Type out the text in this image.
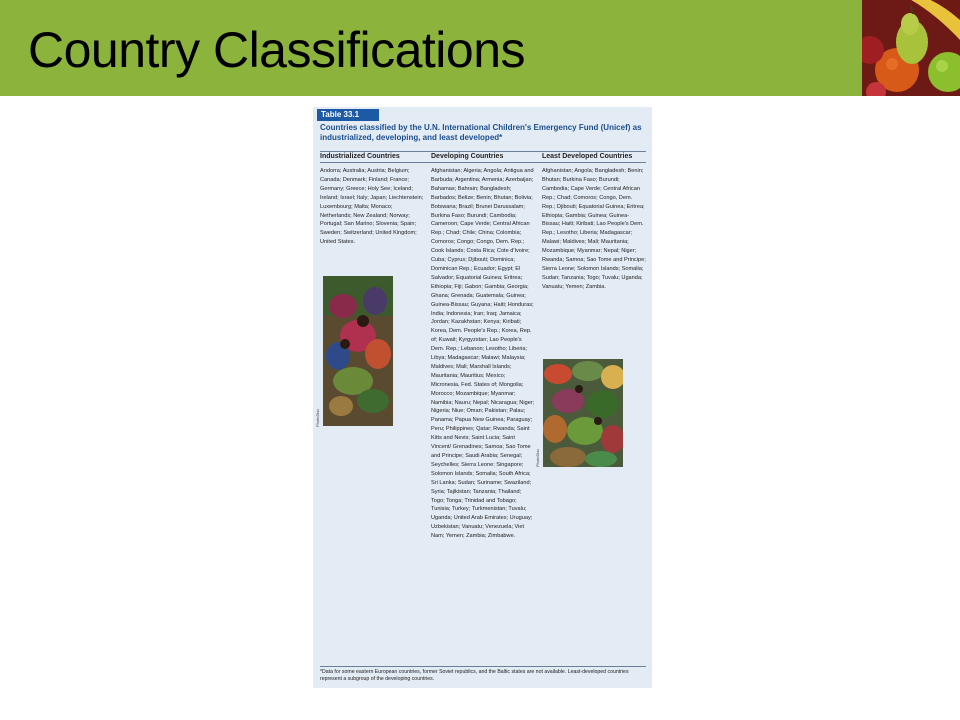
Country Classifications
Table 33.1
Countries classified by the U.N. International Children's Emergency Fund (Unicef) as industrialized, developing, and least developed*
Industrialized Countries	Developing Countries	Least Developed Countries
Andorra; Australia; Austria; Belgium; Canada; Denmark; Finland; France; Germany; Greece; Holy See; Iceland; Ireland; Israel; Italy; Japan; Liechtenstein; Luxembourg; Malta; Monaco; Netherlands; New Zealand; Norway; Portugal; San Marino; Slovenia; Spain; Sweden; Switzerland; United Kingdom; United States.
Afghanistan; Algeria; Angola; Antigua and Barbuda; Argentina; Armenia; Azerbaijan; Bahamas; Bahrain; Bangladesh; Barbados; Belize; Benin; Bhutan; Bolivia; Botswana; Brazil; Brunei Darussalam; Burkina Faso; Burundi; Cambodia; Cameroon; Cape Verde; Central African Rep.; Chad; Chile; China; Colombia; Comoros; Congo; Congo, Dem. Rep.; Cook Islands; Costa Rica; Cote d'Ivoire; Cuba; Cyprus; Djibouti; Dominica; Dominican Rep.; Ecuador; Egypt; El Salvador; Equatorial Guinea; Eritrea; Ethiopia; Fiji; Gabon; Gambia; Georgia; Ghana; Grenada; Guatemala; Guinea; Guinea-Bissau; Guyana; Haiti; Honduras; India; Indonesia; Iran; Iraq; Jamaica; Jordan; Kazakhstan; Kenya; Kiribati; Korea, Dem. People's Rep.; Korea, Rep. of; Kuwait; Kyrgyzstan; Lao People's Dem. Rep.; Lebanon; Lesotho; Liberia; Libya; Madagascar; Malawi; Malaysia; Maldives; Mali; Marshall Islands; Mauritania; Mauritius; Mexico; Micronesia, Fed. States of; Mongolia; Morocco; Mozambique; Myanmar; Namibia; Nauru; Nepal; Nicaragua; Niger; Nigeria; Niue; Oman; Pakistan; Palau; Panama; Papua New Guinea; Paraguay; Peru; Philippines; Qatar; Rwanda; Saint Kitts and Nevis; Saint Lucia; Saint Vincent/ Grenadines; Samoa; Sao Tome and Principe; Saudi Arabia; Senegal; Seychelles; Sierra Leone; Singapore; Solomon Islands; Somalia; South Africa; Sri Lanka; Sudan; Suriname; Swaziland; Syria; Tajikistan; Tanzania; Thailand; Togo; Tonga; Trinidad and Tobago; Tunisia; Turkey; Turkmenistan; Tuvalu; Uganda; United Arab Emirates; Uruguay; Uzbekistan; Vanuatu; Venezuela; Viet Nam; Yemen; Zambia; Zimbabwe.
Afghanistan; Angola; Bangladesh; Benin; Bhutan; Burkina Faso; Burundi; Cambodia; Cape Verde; Central African Rep.; Chad; Comoros; Congo, Dem. Rep.; Djibouti; Equatorial Guinea; Eritrea; Ethiopia; Gambia; Guinea; Guinea-Bissau; Haiti; Kiribati; Lao People's Dem. Rep.; Lesotho; Liberia; Madagascar; Malawi; Maldives; Mali; Mauritania; Mozambique; Myanmar; Nepal; Niger; Rwanda; Samoa; Sao Tome and Principe; Sierra Leone; Solomon Islands; Somalia; Sudan; Tanzania; Togo; Tuvalu; Uganda; Vanuatu; Yemen; Zambia.
PhotoDisc
PhotoDisc
*Data for some eastern European countries, former Soviet republics, and the Baltic states are not available. Least-developed countries represent a subgroup of the developing countries.
